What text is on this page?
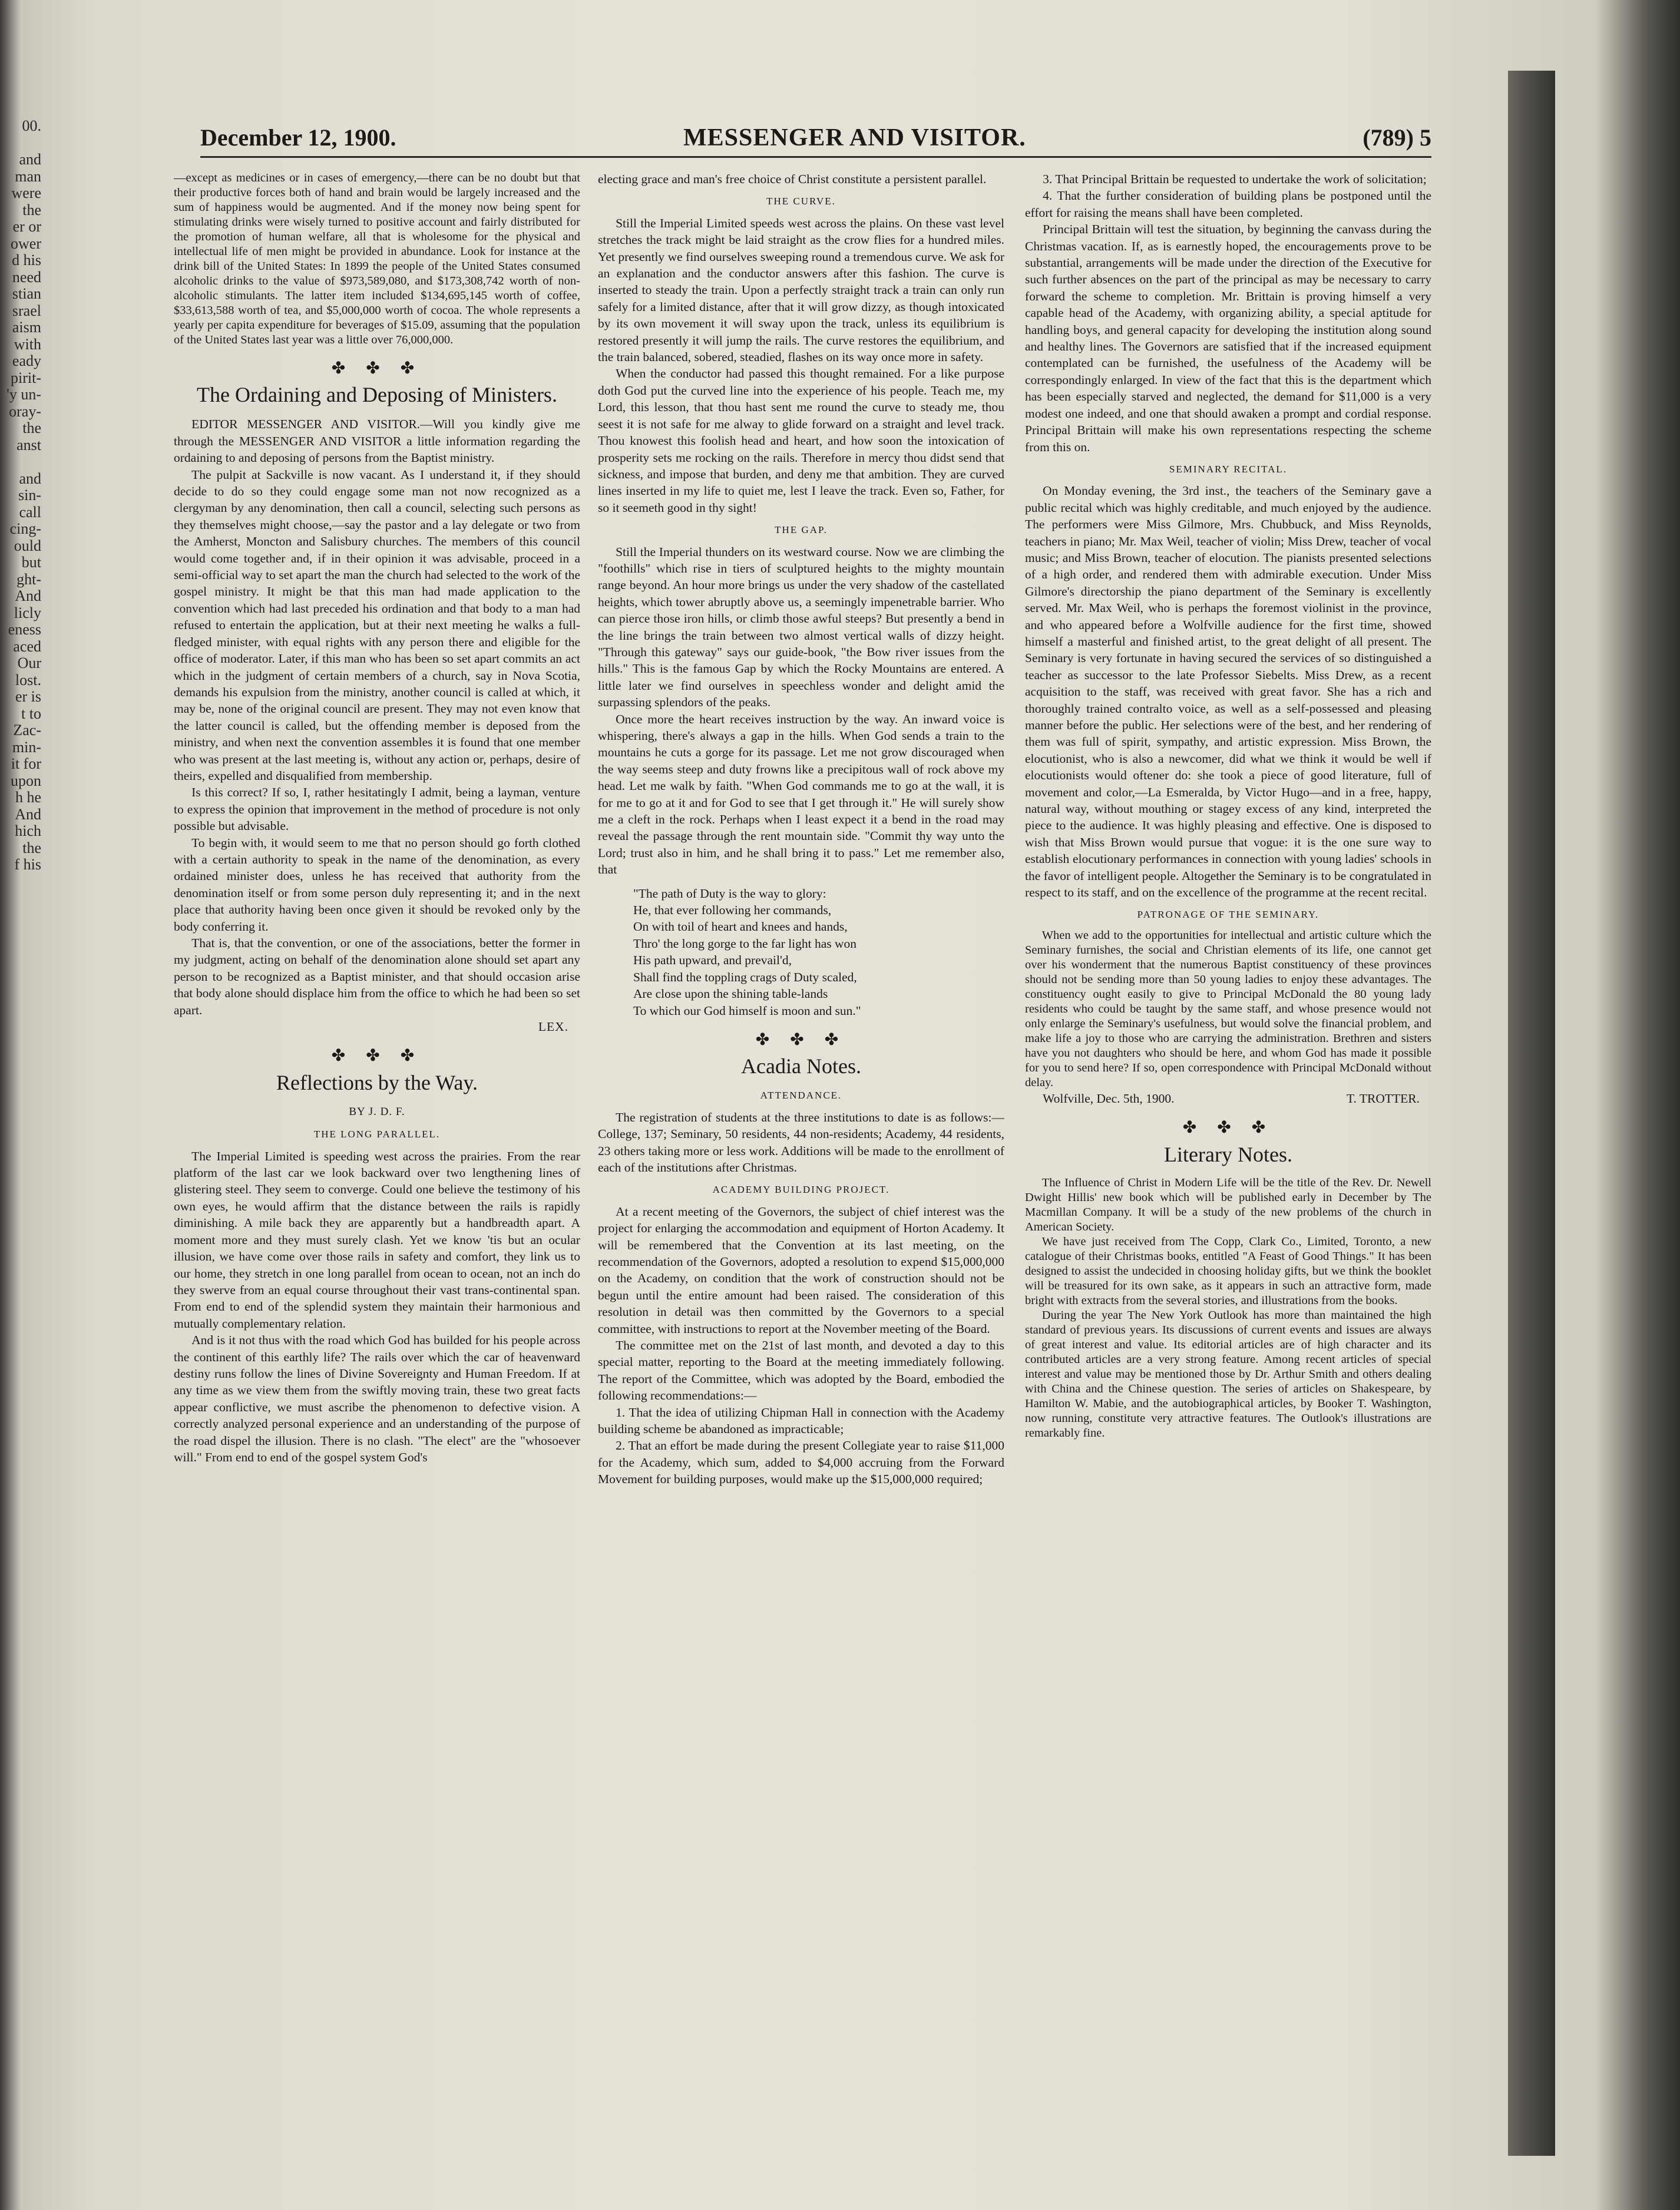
00.
and
man
were
the
er or
ower
d his
need
stian
srael
aism
with
eady
pirit-
'y un-
oray-
the
anst
and
sin-
call
cing-
ould
but
ght-
And
licly
eness
aced
Our
lost.
er is
t to
Zac-
min-
it for
upon
h he
And
hich
the
f his
December 12, 1900.	MESSENGER AND VISITOR.	(789) 5

—except as medicines or in cases of emergency,—there can be no doubt but that their productive forces both of hand and brain would be largely increased and the sum of happiness would be augmented. And if the money now being spent for stimulating drinks were wisely turned to positive account and fairly distributed for the promotion of human welfare, all that is wholesome for the physical and intellectual life of men might be provided in abundance. Look for instance at the drink bill of the United States: In 1899 the people of the United States consumed alcoholic drinks to the value of $973,589,080, and $173,308,742 worth of non-alcoholic stimulants. The latter item included $134,695,145 worth of coffee, $33,613,588 worth of tea, and $5,000,000 worth of cocoa. The whole represents a yearly per capita expenditure for beverages of $15.09, assuming that the population of the United States last year was a little over 76,000,000.

✤ ✤ ✤
The Ordaining and Deposing of Ministers.

EDITOR MESSENGER AND VISITOR.—Will you kindly give me through the MESSENGER AND VISITOR a little information regarding the ordaining to and deposing of persons from the Baptist ministry.

The pulpit at Sackville is now vacant. As I understand it, if they should decide to do so they could engage some man not now recognized as a clergyman by any denomination, then call a council, selecting such persons as they themselves might choose,—say the pastor and a lay delegate or two from the Amherst, Moncton and Salisbury churches. The members of this council would come together and, if in their opinion it was advisable, proceed in a semi-official way to set apart the man the church had selected to the work of the gospel ministry. It might be that this man had made application to the convention which had last preceded his ordination and that body to a man had refused to entertain the application, but at their next meeting he walks a full-fledged minister, with equal rights with any person there and eligible for the office of moderator. Later, if this man who has been so set apart commits an act which in the judgment of certain members of a church, say in Nova Scotia, demands his expulsion from the ministry, another council is called at which, it may be, none of the original council are present. They may not even know that the latter council is called, but the offending member is deposed from the ministry, and when next the convention assembles it is found that one member who was present at the last meeting is, without any action or, perhaps, desire of theirs, expelled and disqualified from membership.

Is this correct? If so, I, rather hesitatingly I admit, being a layman, venture to express the opinion that improvement in the method of procedure is not only possible but advisable.

To begin with, it would seem to me that no person should go forth clothed with a certain authority to speak in the name of the denomination, as every ordained minister does, unless he has received that authority from the denomination itself or from some person duly representing it; and in the next place that authority having been once given it should be revoked only by the body conferring it.

That is, that the convention, or one of the associations, better the former in my judgment, acting on behalf of the denomination alone should set apart any person to be recognized as a Baptist minister, and that should occasion arise that body alone should displace him from the office to which he had been so set apart.

LEX.
✤ ✤ ✤
Reflections by the Way.
BY J. D. F.
THE LONG PARALLEL.

The Imperial Limited is speeding west across the prairies. From the rear platform of the last car we look backward over two lengthening lines of glistering steel. They seem to converge. Could one believe the testimony of his own eyes, he would affirm that the distance between the rails is rapidly diminishing. A mile back they are apparently but a handbreadth apart. A moment more and they must surely clash. Yet we know 'tis but an ocular illusion, we have come over those rails in safety and comfort, they link us to our home, they stretch in one long parallel from ocean to ocean, not an inch do they swerve from an equal course throughout their vast trans-continental span. From end to end of the splendid system they maintain their harmonious and mutually complementary relation.

And is it not thus with the road which God has builded for his people across the continent of this earthly life? The rails over which the car of heavenward destiny runs follow the lines of Divine Sovereignty and Human Freedom. If at any time as we view them from the swiftly moving train, these two great facts appear conflictive, we must ascribe the phenomenon to defective vision. A correctly analyzed personal experience and an understanding of the purpose of the road dispel the illusion. There is no clash. "The elect" are the "whosoever will." From end to end of the gospel system God's

electing grace and man's free choice of Christ constitute a persistent parallel.

THE CURVE.

Still the Imperial Limited speeds west across the plains. On these vast level stretches the track might be laid straight as the crow flies for a hundred miles. Yet presently we find ourselves sweeping round a tremendous curve. We ask for an explanation and the conductor answers after this fashion. The curve is inserted to steady the train. Upon a perfectly straight track a train can only run safely for a limited distance, after that it will grow dizzy, as though intoxicated by its own movement it will sway upon the track, unless its equilibrium is restored presently it will jump the rails. The curve restores the equilibrium, and the train balanced, sobered, steadied, flashes on its way once more in safety.

When the conductor had passed this thought remained. For a like purpose doth God put the curved line into the experience of his people. Teach me, my Lord, this lesson, that thou hast sent me round the curve to steady me, thou seest it is not safe for me alway to glide forward on a straight and level track. Thou knowest this foolish head and heart, and how soon the intoxication of prosperity sets me rocking on the rails. Therefore in mercy thou didst send that sickness, and impose that burden, and deny me that ambition. They are curved lines inserted in my life to quiet me, lest I leave the track. Even so, Father, for so it seemeth good in thy sight!

THE GAP.

Still the Imperial thunders on its westward course. Now we are climbing the "foothills" which rise in tiers of sculptured heights to the mighty mountain range beyond. An hour more brings us under the very shadow of the castellated heights, which tower abruptly above us, a seemingly impenetrable barrier. Who can pierce those iron hills, or climb those awful steeps? But presently a bend in the line brings the train between two almost vertical walls of dizzy height. "Through this gateway" says our guide-book, "the Bow river issues from the hills." This is the famous Gap by which the Rocky Mountains are entered. A little later we find ourselves in speechless wonder and delight amid the surpassing splendors of the peaks.

Once more the heart receives instruction by the way. An inward voice is whispering, there's always a gap in the hills. When God sends a train to the mountains he cuts a gorge for its passage. Let me not grow discouraged when the way seems steep and duty frowns like a precipitous wall of rock above my head. Let me walk by faith. "When God commands me to go at the wall, it is for me to go at it and for God to see that I get through it." He will surely show me a cleft in the rock. Perhaps when I least expect it a bend in the road may reveal the passage through the rent mountain side. "Commit thy way unto the Lord; trust also in him, and he shall bring it to pass." Let me remember also, that

"The path of Duty is the way to glory:
He, that ever following her commands,
On with toil of heart and knees and hands,
Thro' the long gorge to the far light has won
His path upward, and prevail'd,
Shall find the toppling crags of Duty scaled,
Are close upon the shining table-lands
To which our God himself is moon and sun."
✤ ✤ ✤
Acadia Notes.
ATTENDANCE.

The registration of students at the three institutions to date is as follows:—College, 137; Seminary, 50 residents, 44 non-residents; Academy, 44 residents, 23 others taking more or less work. Additions will be made to the enrollment of each of the institutions after Christmas.

ACADEMY BUILDING PROJECT.

At a recent meeting of the Governors, the subject of chief interest was the project for enlarging the accommodation and equipment of Horton Academy. It will be remembered that the Convention at its last meeting, on the recommendation of the Governors, adopted a resolution to expend $15,000,000 on the Academy, on condition that the work of construction should not be begun until the entire amount had been raised. The consideration of this resolution in detail was then committed by the Governors to a special committee, with instructions to report at the November meeting of the Board.

The committee met on the 21st of last month, and devoted a day to this special matter, reporting to the Board at the meeting immediately following. The report of the Committee, which was adopted by the Board, embodied the following recommendations:—

1. That the idea of utilizing Chipman Hall in connection with the Academy building scheme be abandoned as impracticable;

2. That an effort be made during the present Collegiate year to raise $11,000 for the Academy, which sum, added to $4,000 accruing from the Forward Movement for building purposes, would make up the $15,000,000 required;

3. That Principal Brittain be requested to undertake the work of solicitation;

4. That the further consideration of building plans be postponed until the effort for raising the means shall have been completed.

Principal Brittain will test the situation, by beginning the canvass during the Christmas vacation. If, as is earnestly hoped, the encouragements prove to be substantial, arrangements will be made under the direction of the Executive for such further absences on the part of the principal as may be necessary to carry forward the scheme to completion. Mr. Brittain is proving himself a very capable head of the Academy, with organizing ability, a special aptitude for handling boys, and general capacity for developing the institution along sound and healthy lines. The Governors are satisfied that if the increased equipment contemplated can be furnished, the usefulness of the Academy will be correspondingly enlarged. In view of the fact that this is the department which has been especially starved and neglected, the demand for $11,000 is a very modest one indeed, and one that should awaken a prompt and cordial response. Principal Brittain will make his own representations respecting the scheme from this on.

SEMINARY RECITAL.

On Monday evening, the 3rd inst., the teachers of the Seminary gave a public recital which was highly creditable, and much enjoyed by the audience. The performers were Miss Gilmore, Mrs. Chubbuck, and Miss Reynolds, teachers in piano; Mr. Max Weil, teacher of violin; Miss Drew, teacher of vocal music; and Miss Brown, teacher of elocution. The pianists presented selections of a high order, and rendered them with admirable execution. Under Miss Gilmore's directorship the piano department of the Seminary is excellently served. Mr. Max Weil, who is perhaps the foremost violinist in the province, and who appeared before a Wolfville audience for the first time, showed himself a masterful and finished artist, to the great delight of all present. The Seminary is very fortunate in having secured the services of so distinguished a teacher as successor to the late Professor Siebelts. Miss Drew, as a recent acquisition to the staff, was received with great favor. She has a rich and thoroughly trained contralto voice, as well as a self-possessed and pleasing manner before the public. Her selections were of the best, and her rendering of them was full of spirit, sympathy, and artistic expression. Miss Brown, the elocutionist, who is also a newcomer, did what we think it would be well if elocutionists would oftener do: she took a piece of good literature, full of movement and color,—La Esmeralda, by Victor Hugo—and in a free, happy, natural way, without mouthing or stagey excess of any kind, interpreted the piece to the audience. It was highly pleasing and effective. One is disposed to wish that Miss Brown would pursue that vogue: it is the one sure way to establish elocutionary performances in connection with young ladies' schools in the favor of intelligent people. Altogether the Seminary is to be congratulated in respect to its staff, and on the excellence of the programme at the recent recital.

PATRONAGE OF THE SEMINARY.

When we add to the opportunities for intellectual and artistic culture which the Seminary furnishes, the social and Christian elements of its life, one cannot get over his wonderment that the numerous Baptist constituency of these provinces should not be sending more than 50 young ladies to enjoy these advantages. The constituency ought easily to give to Principal McDonald the 80 young lady residents who could be taught by the same staff, and whose presence would not only enlarge the Seminary's usefulness, but would solve the financial problem, and make life a joy to those who are carrying the administration. Brethren and sisters have you not daughters who should be here, and whom God has made it possible for you to send here? If so, open correspondence with Principal McDonald without delay.

Wolfville, Dec. 5th, 1900.	T. TROTTER.
✤ ✤ ✤
Literary Notes.

The Influence of Christ in Modern Life will be the title of the Rev. Dr. Newell Dwight Hillis' new book which will be published early in December by The Macmillan Company. It will be a study of the new problems of the church in American Society.

We have just received from The Copp, Clark Co., Limited, Toronto, a new catalogue of their Christmas books, entitled "A Feast of Good Things." It has been designed to assist the undecided in choosing holiday gifts, but we think the booklet will be treasured for its own sake, as it appears in such an attractive form, made bright with extracts from the several stories, and illustrations from the books.

During the year The New York Outlook has more than maintained the high standard of previous years. Its discussions of current events and issues are always of great interest and value. Its editorial articles are of high character and its contributed articles are a very strong feature. Among recent articles of special interest and value may be mentioned those by Dr. Arthur Smith and others dealing with China and the Chinese question. The series of articles on Shakespeare, by Hamilton W. Mabie, and the autobiographical articles, by Booker T. Washington, now running, constitute very attractive features. The Outlook's illustrations are remarkably fine.
